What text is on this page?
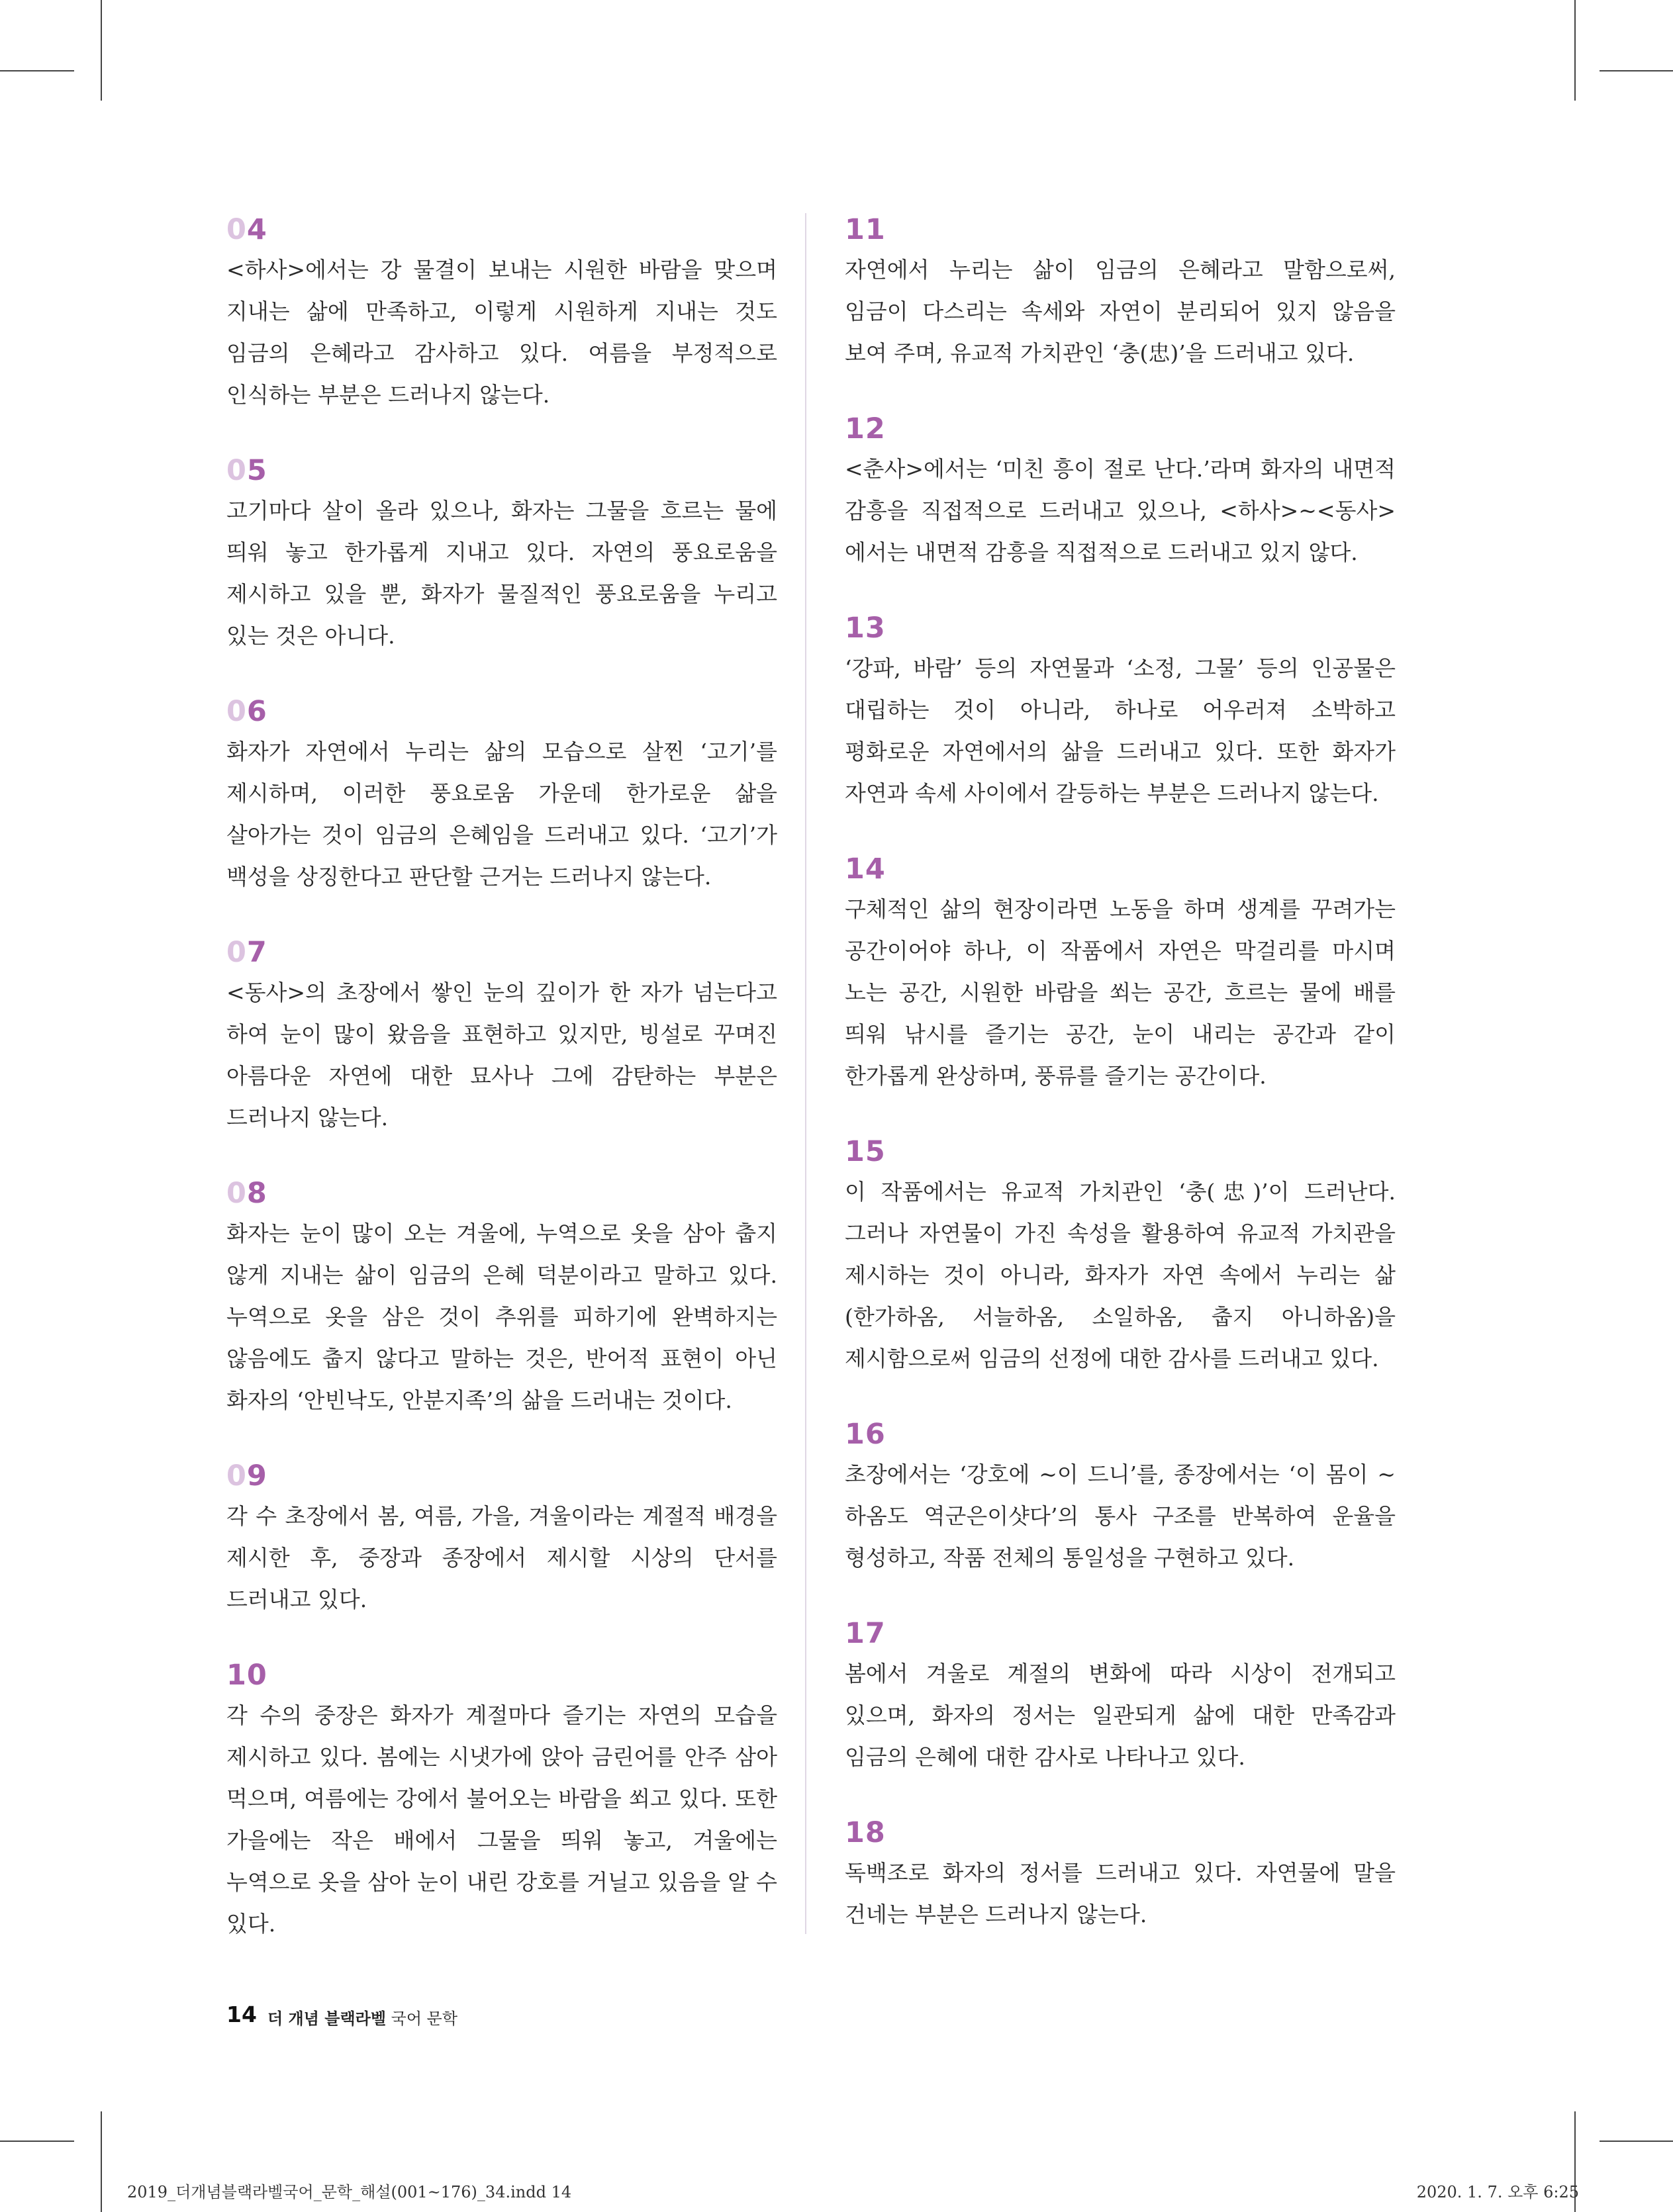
04

<하사>에서는 강 물결이 보내는 시원한 바람을 맞으며 지내는 삶에 만족하고, 이렇게 시원하게 지내는 것도 임금의 은혜라고 감사하고 있다. 여름을 부정적으로 인식하는 부분은 드러나지 않는다.

05

고기마다 살이 올라 있으나, 화자는 그물을 흐르는 물에 띄워 놓고 한가롭게 지내고 있다. 자연의 풍요로움을 제시하고 있을 뿐, 화자가 물질적인 풍요로움을 누리고 있는 것은 아니다.

06

화자가 자연에서 누리는 삶의 모습으로 살찐 ‘고기’를 제시하며, 이러한 풍요로움 가운데 한가로운 삶을 살아가는 것이 임금의 은혜임을 드러내고 있다. ‘고기’가 백성을 상징한다고 판단할 근거는 드러나지 않는다.

07

<동사>의 초장에서 쌓인 눈의 깊이가 한 자가 넘는다고 하여 눈이 많이 왔음을 표현하고 있지만, 빙설로 꾸며진 아름다운 자연에 대한 묘사나 그에 감탄하는 부분은 드러나지 않는다.

08

화자는 눈이 많이 오는 겨울에, 누역으로 옷을 삼아 춥지 않게 지내는 삶이 임금의 은혜 덕분이라고 말하고 있다. 누역으로 옷을 삼은 것이 추위를 피하기에 완벽하지는 않음에도 춥지 않다고 말하는 것은, 반어적 표현이 아닌 화자의 ‘안빈낙도, 안분지족’의 삶을 드러내는 것이다.

09

각 수 초장에서 봄, 여름, 가을, 겨울이라는 계절적 배경을 제시한 후, 중장과 종장에서 제시할 시상의 단서를 드러내고 있다.

10

각 수의 중장은 화자가 계절마다 즐기는 자연의 모습을 제시하고 있다. 봄에는 시냇가에 앉아 금린어를 안주 삼아 먹으며, 여름에는 강에서 불어오는 바람을 쐬고 있다. 또한 가을에는 작은 배에서 그물을 띄워 놓고, 겨울에는 누역으로 옷을 삼아 눈이 내린 강호를 거닐고 있음을 알 수 있다.

11

자연에서 누리는 삶이 임금의 은혜라고 말함으로써, 임금이 다스리는 속세와 자연이 분리되어 있지 않음을 보여 주며, 유교적 가치관인 ‘충(忠)’을 드러내고 있다.

12

<춘사>에서는 ‘미친 흥이 절로 난다.’라며 화자의 내면적 감흥을 직접적으로 드러내고 있으나, <하사>~<동사>에서는 내면적 감흥을 직접적으로 드러내고 있지 않다.

13

‘강파, 바람’ 등의 자연물과 ‘소정, 그물’ 등의 인공물은 대립하는 것이 아니라, 하나로 어우러져 소박하고 평화로운 자연에서의 삶을 드러내고 있다. 또한 화자가 자연과 속세 사이에서 갈등하는 부분은 드러나지 않는다.

14

구체적인 삶의 현장이라면 노동을 하며 생계를 꾸려가는 공간이어야 하나, 이 작품에서 자연은 막걸리를 마시며 노는 공간, 시원한 바람을 쐬는 공간, 흐르는 물에 배를 띄워 낚시를 즐기는 공간, 눈이 내리는 공간과 같이 한가롭게 완상하며, 풍류를 즐기는 공간이다.

15

이 작품에서는 유교적 가치관인 ‘충(忠)’이 드러난다. 그러나 자연물이 가진 속성을 활용하여 유교적 가치관을 제시하는 것이 아니라, 화자가 자연 속에서 누리는 삶(한가하옴, 서늘하옴, 소일하옴, 춥지 아니하옴)을 제시함으로써 임금의 선정에 대한 감사를 드러내고 있다.

16

초장에서는 ‘강호에 ~이 드니’를, 종장에서는 ‘이 몸이 ~하옴도 역군은이샷다’의 통사 구조를 반복하여 운율을 형성하고, 작품 전체의 통일성을 구현하고 있다.

17

봄에서 겨울로 계절의 변화에 따라 시상이 전개되고 있으며, 화자의 정서는 일관되게 삶에 대한 만족감과 임금의 은혜에 대한 감사로 나타나고 있다.

18

독백조로 화자의 정서를 드러내고 있다. 자연물에 말을 건네는 부분은 드러나지 않는다.

14 더 개념 블랙라벨 국어 문학
2019_더개념블랙라벨국어_문학_해설(001~176)_34.indd 14	2020. 1. 7. 오후 6:25
